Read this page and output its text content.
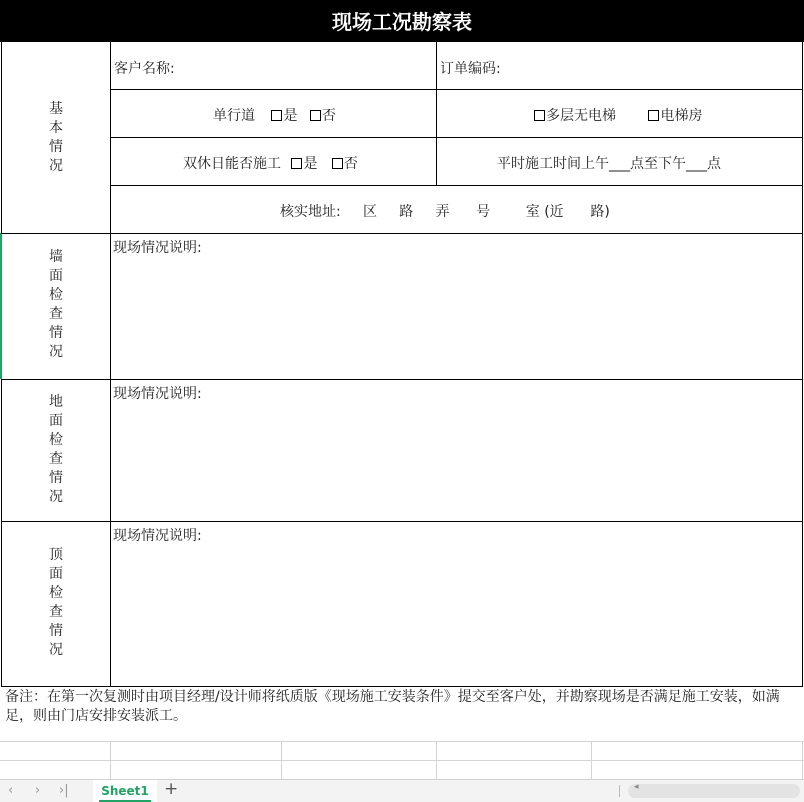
现场工况勘察表
基
本
情
况
客户名称:	订单编码:
单行道 是 否	多层无电梯	电梯房
双休日能否施工 是 否	平时施工时间上午___点至下午___点
核实地址:     区     路     弄      号        室 (近      路)
墙
面
检
查
情
况
现场情况说明:
地
面
检
查
情
况
现场情况说明:
顶
面
检
查
情
况
现场情况说明:
备注：在第一次复测时由项目经理/设计师将纸质版《现场施工安装条件》提交至客户处，并勘察现场是否满足施工安装，如满足，则由门店安排安装派工。
‹ › ›|	Sheet1 +	◂
